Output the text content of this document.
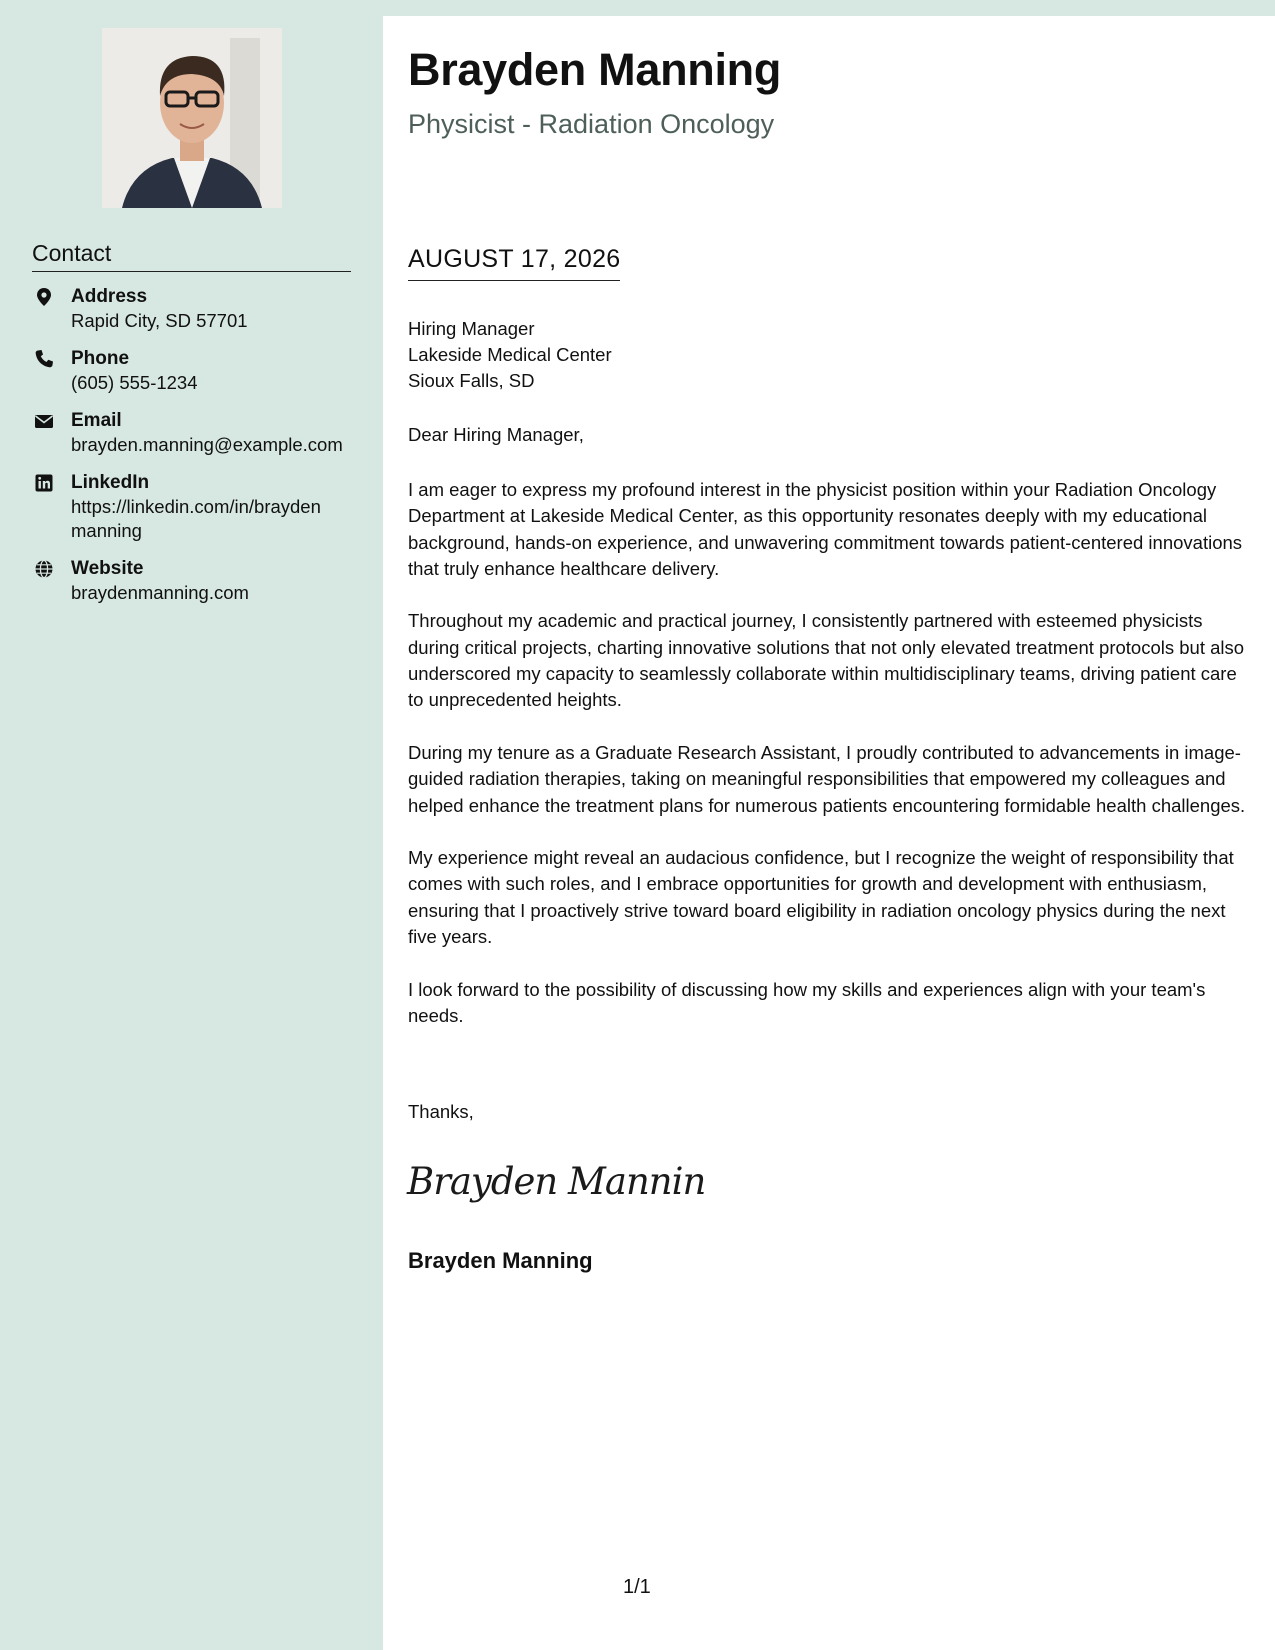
Contact
Address
Rapid City, SD 57701
Phone
(605) 555-1234
Email
brayden.manning@example.com
LinkedIn
https://linkedin.com/in/brayden
manning
Website
braydenmanning.com
Brayden Manning
Physicist - Radiation Oncology
AUGUST 17, 2026
Hiring Manager
Lakeside Medical Center
Sioux Falls, SD
Dear Hiring Manager,

I am eager to express my profound interest in the physicist position within your Radiation Oncology Department at Lakeside Medical Center, as this opportunity resonates deeply with my educational background, hands-on experience, and unwavering commitment towards patient-centered innovations that truly enhance healthcare delivery.

Throughout my academic and practical journey, I consistently partnered with esteemed physicists during critical projects, charting innovative solutions that not only elevated treatment protocols but also underscored my capacity to seamlessly collaborate within multidisciplinary teams, driving patient care to unprecedented heights.

During my tenure as a Graduate Research Assistant, I proudly contributed to advancements in image-guided radiation therapies, taking on meaningful responsibilities that empowered my colleagues and helped enhance the treatment plans for numerous patients encountering formidable health challenges.

My experience might reveal an audacious confidence, but I recognize the weight of responsibility that comes with such roles, and I embrace opportunities for growth and development with enthusiasm, ensuring that I proactively strive toward board eligibility in radiation oncology physics during the next five years.

I look forward to the possibility of discussing how my skills and experiences align with your team's needs.

Thanks,
Brayden Mannin
Brayden Manning
1/1
